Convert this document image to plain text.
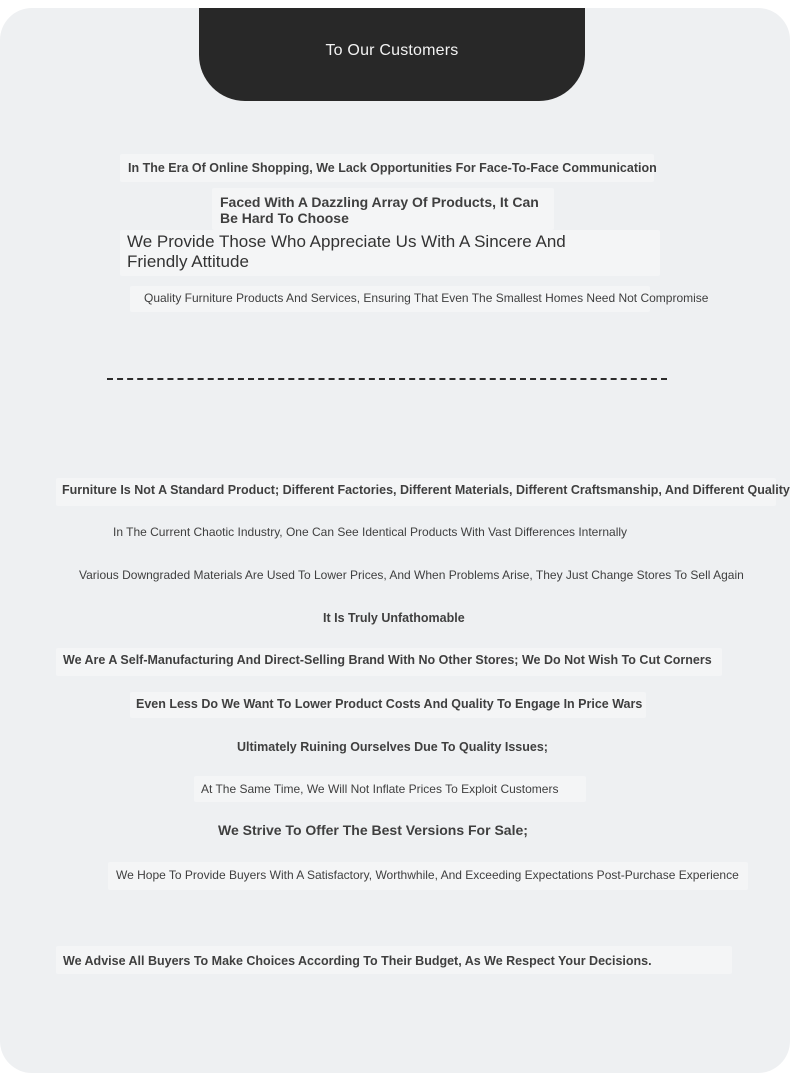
To Our Customers
In The Era Of Online Shopping, We Lack Opportunities For Face-To-Face Communication
Faced With A Dazzling Array Of Products, It Can Be Hard To Choose
We Provide Those Who Appreciate Us With A Sincere And Friendly Attitude
Quality Furniture Products And Services, Ensuring That Even The Smallest Homes Need Not Compromise
Furniture Is Not A Standard Product; Different Factories, Different Materials, Different Craftsmanship, And Different Quality
In The Current Chaotic Industry, One Can See Identical Products With Vast Differences Internally
Various Downgraded Materials Are Used To Lower Prices, And When Problems Arise, They Just Change Stores To Sell Again
It Is Truly Unfathomable
We Are A Self-Manufacturing And Direct-Selling Brand With No Other Stores; We Do Not Wish To Cut Corners
Even Less Do We Want To Lower Product Costs And Quality To Engage In Price Wars
Ultimately Ruining Ourselves Due To Quality Issues;
At The Same Time, We Will Not Inflate Prices To Exploit Customers
We Strive To Offer The Best Versions For Sale;
We Hope To Provide Buyers With A Satisfactory, Worthwhile, And Exceeding Expectations Post-Purchase Experience
We Advise All Buyers To Make Choices According To Their Budget, As We Respect Your Decisions.
